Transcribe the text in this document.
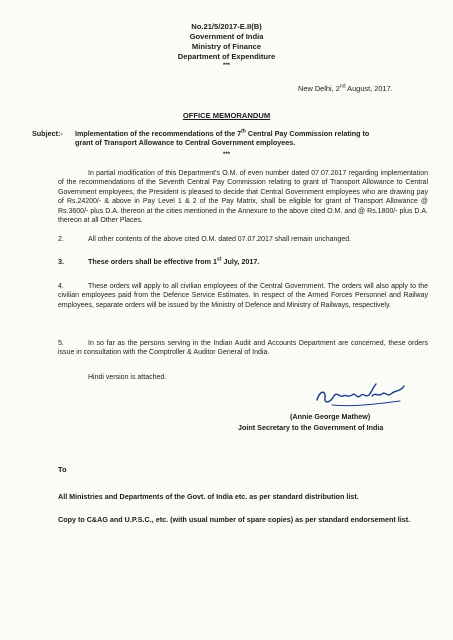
No.21/5/2017-E.II(B)
Government of India
Ministry of Finance
Department of Expenditure
***
New Delhi, 2nd August, 2017.
OFFICE MEMORANDUM
Subject:- Implementation of the recommendations of the 7th Central Pay Commission relating to
grant of Transport Allowance to Central Government employees.
***
In partial modification of this Department's O.M. of even number dated 07.07.2017 regarding implementation of the recommendations of the Seventh Central Pay Commission relating to grant of Transport Allowance to Central Government employees, the President is pleased to decide that Central Government employees who are drawing pay of Rs.24200/- & above in Pay Level 1 & 2 of the Pay Matrix, shall be eligible for grant of Transport Allowance @ Rs.3600/- plus D.A. thereon at the cities mentioned in the Annexure to the above cited O.M. and @ Rs.1800/- plus D.A. thereon at all Other Places.
2.	All other contents of the above cited O.M. dated 07.07.2017 shall remain unchanged.
3.	These orders shall be effective from 1st July, 2017.
4.	These orders will apply to all civilian employees of the Central Government. The orders will also apply to the civilian employees paid from the Defence Service Estimates. In respect of the Armed Forces Personnel and Railway employees, separate orders will be issued by the Ministry of Defence and Ministry of Railways, respectively.
5.	In so far as the persons serving in the Indian Audit and Accounts Department are concerned, these orders issue in consultation with the Comptroller & Auditor General of India.
Hindi version is attached.
(Annie George Mathew)
Joint Secretary to the Government of India
To
All Ministries and Departments of the Govt. of India etc. as per standard distribution list.
Copy to C&AG and U.P.S.C., etc. (with usual number of spare copies) as per standard endorsement list.
